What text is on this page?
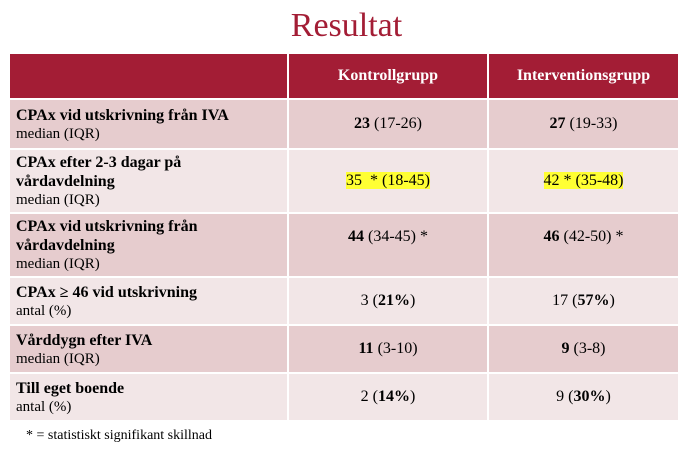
Resultat
	Kontrollgrupp	Interventionsgrupp

CPAx vid utskrivning från IVA
median (IQR)	23 (17-26)	27 (19-33)

CPAx efter 2-3 dagar på vårdavdelning
median (IQR)	35  * (18-45)	42 * (35-48)

CPAx vid utskrivning från vårdavdelning
median (IQR)	44 (34-45) *	46 (42-50) *

CPAx ≥ 46 vid utskrivning
antal (%)	3 (21%)	17 (57%)

Vårddygn efter IVA
median (IQR)	11 (3-10)	9 (3-8)

Till eget boende
antal (%)	2 (14%)	9 (30%)
* = statistiskt signifikant skillnad
